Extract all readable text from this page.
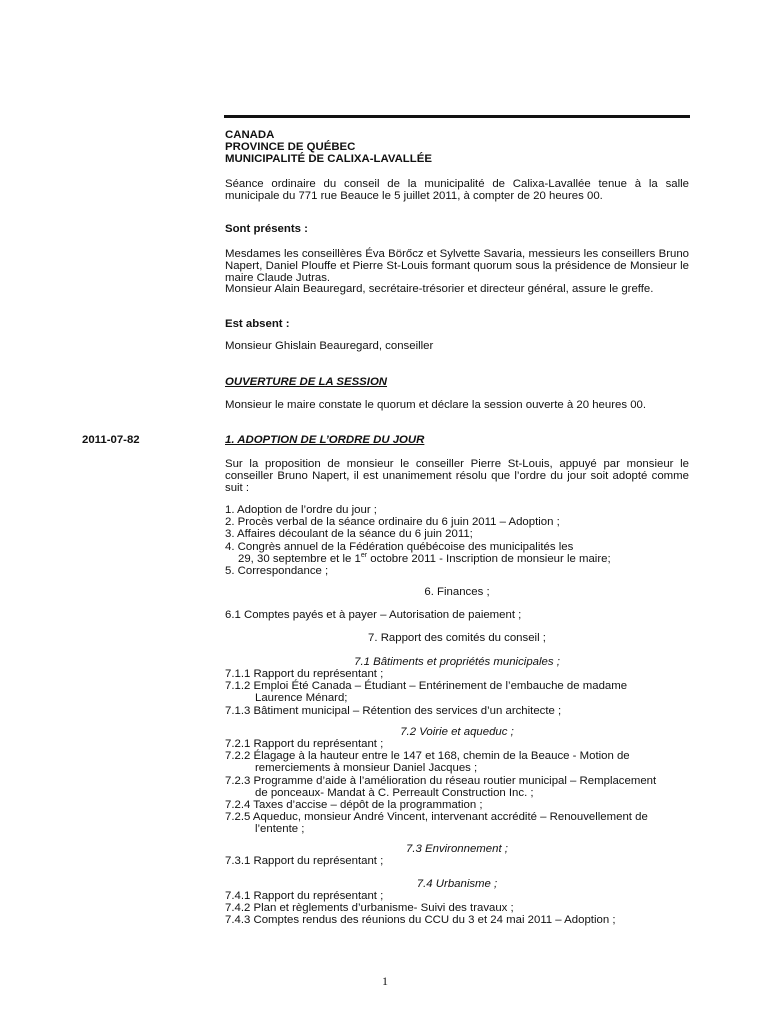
CANADA
PROVINCE DE QUÉBEC
MUNICIPALITÉ DE CALIXA-LAVALLÉE
Séance ordinaire du conseil de la municipalité de Calixa-Lavallée tenue à la salle municipale du 771 rue Beauce le 5 juillet 2011, à compter de 20 heures 00.
Sont présents :
Mesdames les conseillères Éva Börőcz et Sylvette Savaria, messieurs les conseillers Bruno Napert, Daniel Plouffe et Pierre St-Louis formant quorum sous la présidence de Monsieur le maire Claude Jutras.
Monsieur Alain Beauregard, secrétaire-trésorier et directeur général, assure le greffe.
Est absent :
Monsieur Ghislain Beauregard, conseiller
OUVERTURE DE LA SESSION
Monsieur le maire constate le quorum et déclare la session ouverte à 20 heures 00.
2011-07-82	1. ADOPTION DE L’ORDRE DU JOUR
Sur la proposition de monsieur le conseiller Pierre St-Louis, appuyé par monsieur le conseiller Bruno Napert, il est unanimement résolu que l’ordre du jour soit adopté comme suit :
1. Adoption de l’ordre du jour ;
2. Procès verbal de la séance ordinaire du 6 juin 2011 – Adoption ;
3. Affaires découlant de la séance du 6 juin 2011;
4. Congrès annuel de la Fédération québécoise des municipalités les
29, 30 septembre et le 1er octobre 2011 - Inscription de monsieur le maire;
5. Correspondance ;
6. Finances ;
6.1 Comptes payés et à payer – Autorisation de paiement ;
7. Rapport des comités du conseil ;
7.1 Bâtiments et propriétés municipales ;
7.1.1 Rapport du représentant ;
7.1.2 Emploi Été Canada – Étudiant – Entérinement de l’embauche de madame
Laurence Ménard;
7.1.3 Bâtiment municipal – Rétention des services d’un architecte ;
7.2 Voirie et aqueduc ;
7.2.1 Rapport du représentant ;
7.2.2 Élagage à la hauteur entre le 147 et 168, chemin de la Beauce - Motion de
remerciements à monsieur Daniel Jacques ;
7.2.3 Programme d’aide à l’amélioration du réseau routier municipal – Remplacement
de ponceaux- Mandat à C. Perreault Construction Inc. ;
7.2.4 Taxes d’accise – dépôt de la programmation ;
7.2.5 Aqueduc, monsieur André Vincent, intervenant accrédité – Renouvellement de
l’entente ;
7.3 Environnement ;
7.3.1 Rapport du représentant ;
7.4 Urbanisme ;
7.4.1 Rapport du représentant ;
7.4.2 Plan et règlements d’urbanisme- Suivi des travaux ;
7.4.3 Comptes rendus des réunions du CCU du 3 et 24 mai 2011 – Adoption ;
1
